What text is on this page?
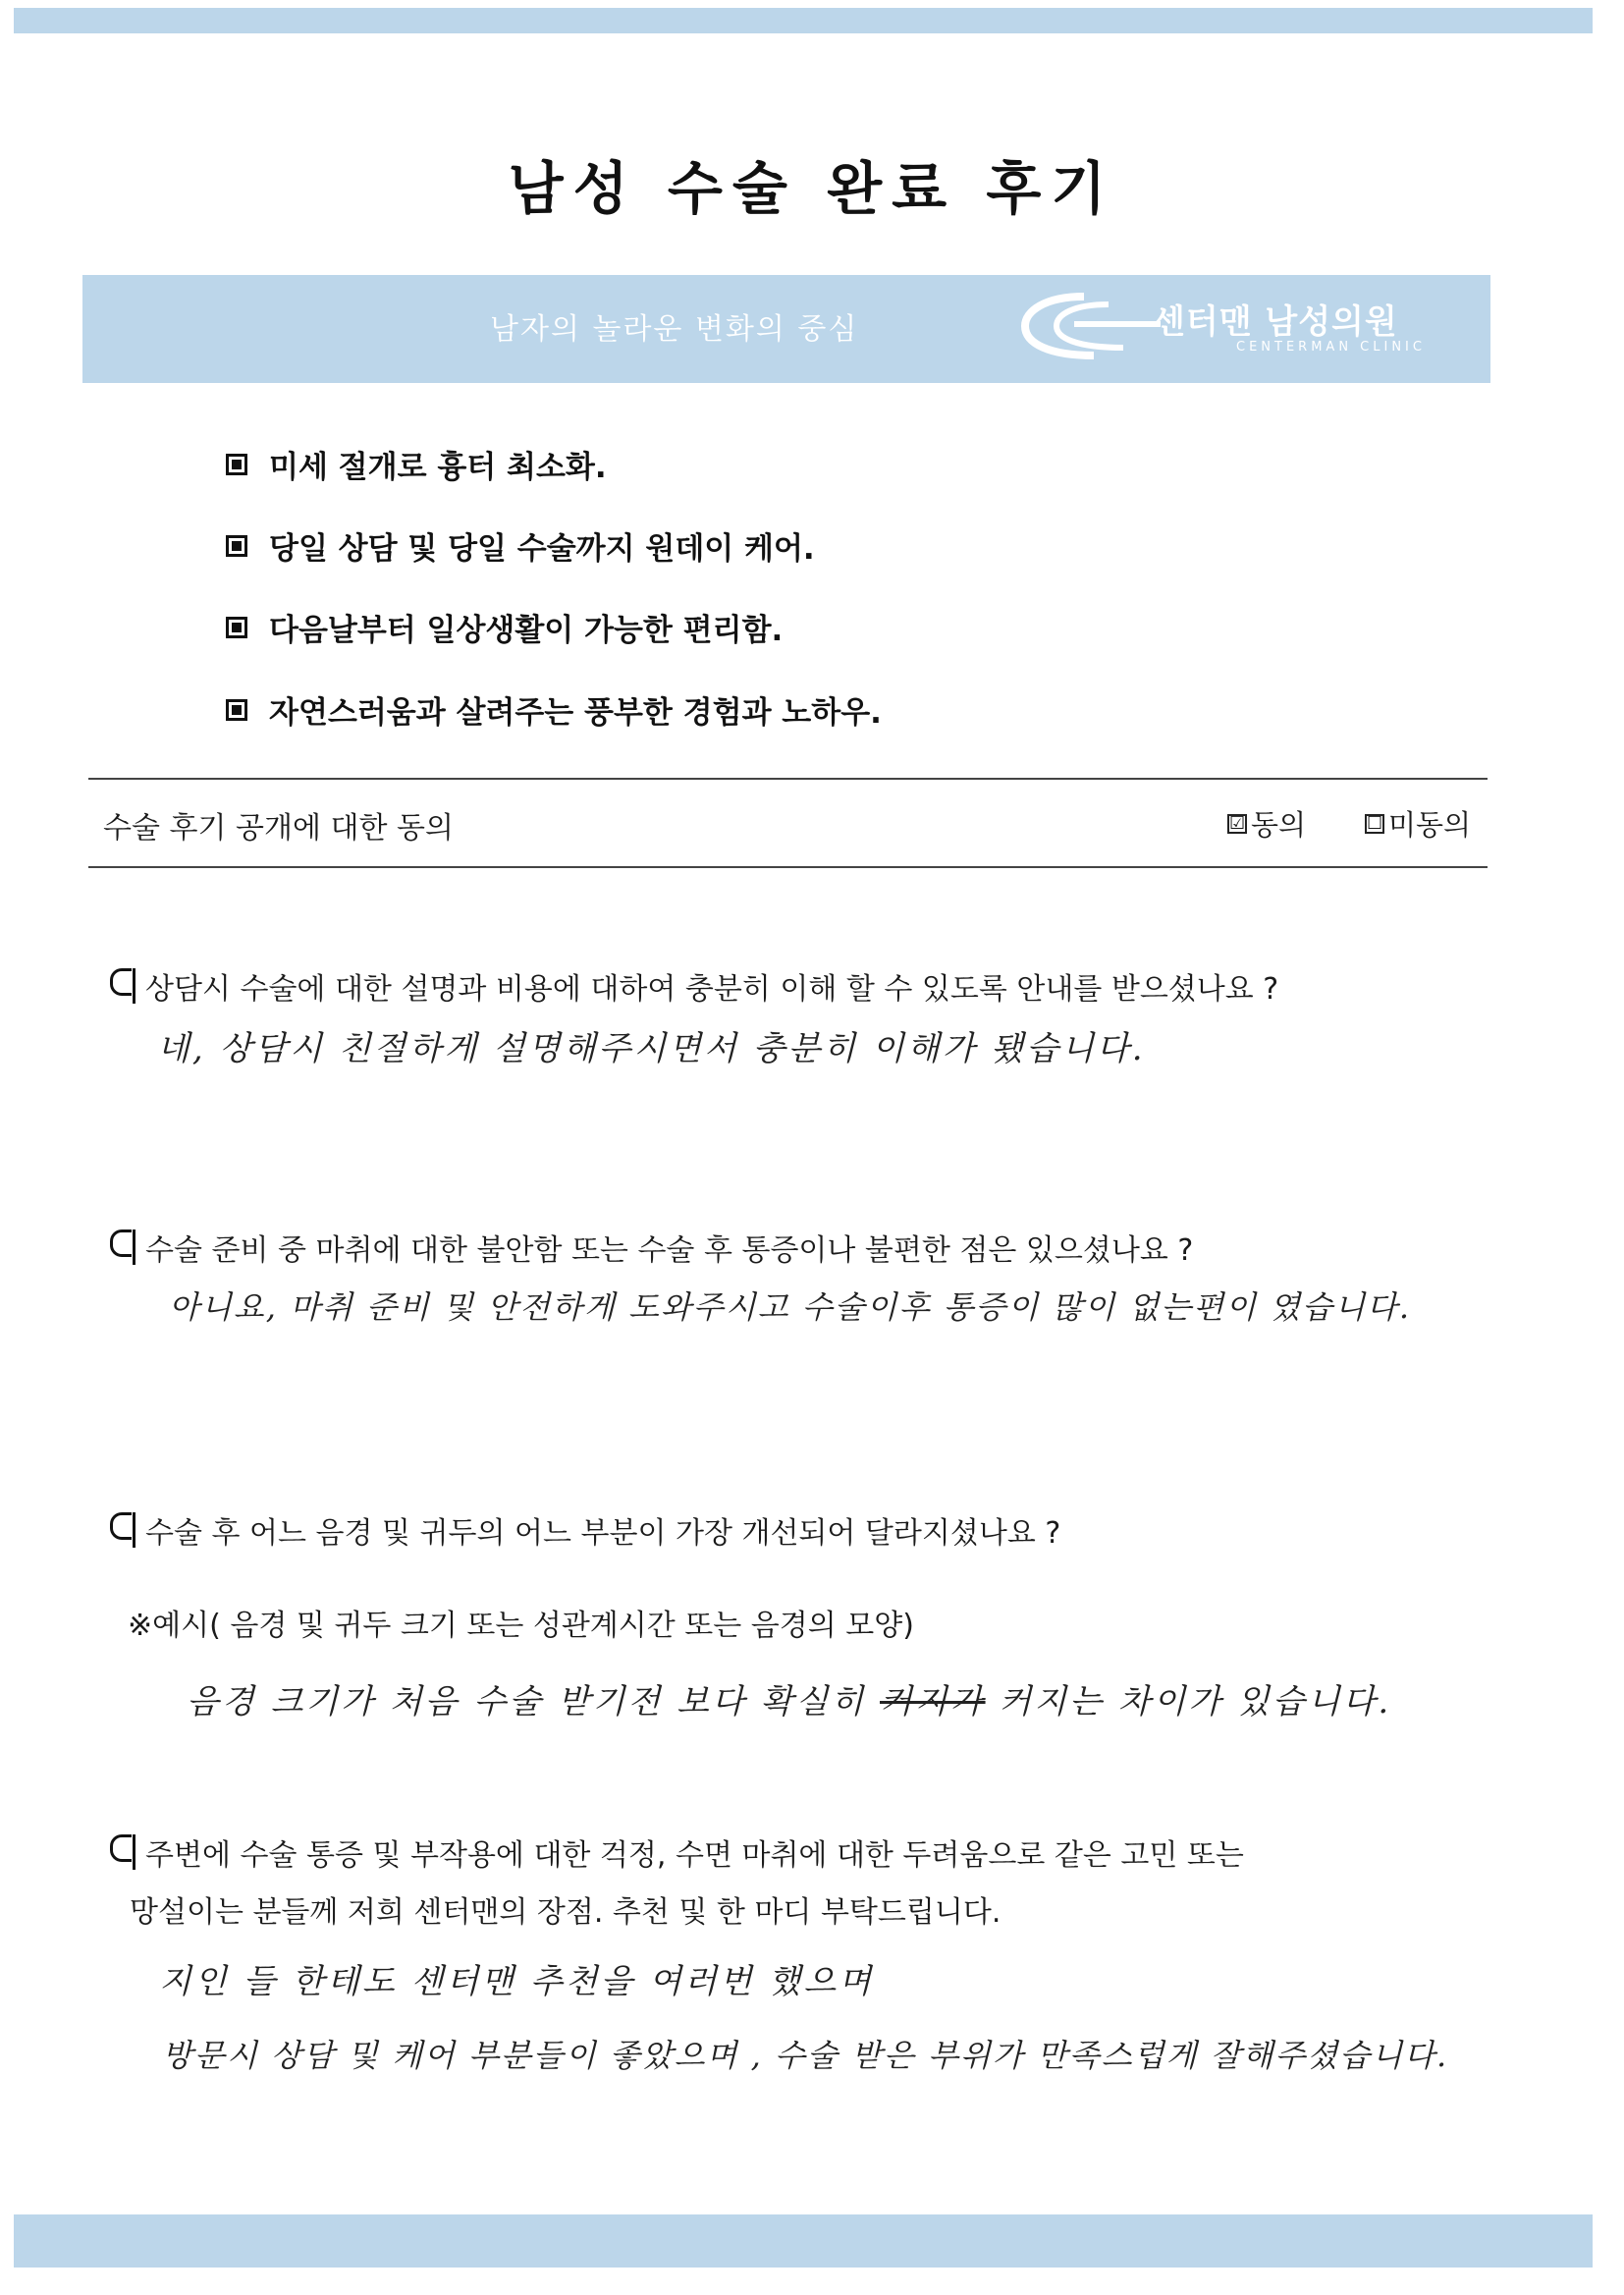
남성 수술 완료 후기
남자의 놀라운 변화의 중심	센터맨 남성의원
CENTERMAN CLINIC
미세 절개로 흉터 최소화.
당일 상담 및 당일 수술까지 원데이 케어.
다음날부터 일상생활이 가능한 편리함.
자연스러움과 살려주는 풍부한 경험과 노하우.
수술 후기 공개에 대한 동의	☑ 동의	☐ 미동의
상담시 수술에 대한 설명과 비용에 대하여 충분히 이해 할 수 있도록 안내를 받으셨나요 ?
네, 상담시 친절하게 설명해주시면서 충분히 이해가 됐습니다.
수술 준비 중 마취에 대한 불안함 또는 수술 후 통증이나 불편한 점은 있으셨나요 ?
아니요, 마취 준비 및 안전하게 도와주시고 수술이후 통증이 많이 없는편이 였습니다.
수술 후 어느 음경 및 귀두의 어느 부분이 가장 개선되어 달라지셨나요 ?
※예시( 음경 및 귀두 크기 또는 성관계시간 또는 음경의 모양)
음경 크기가 처음 수술 받기전 보다 확실히 커지가 커지는 차이가 있습니다.
주변에 수술 통증 및 부작용에 대한 걱정, 수면 마취에 대한 두려움으로 같은 고민 또는
망설이는 분들께 저희 센터맨의 장점. 추천 및 한 마디 부탁드립니다.
지인 들 한테도 센터맨 추천을 여러번 했으며
방문시 상담 및 케어 부분들이 좋았으며 , 수술 받은 부위가 만족스럽게 잘해주셨습니다.
